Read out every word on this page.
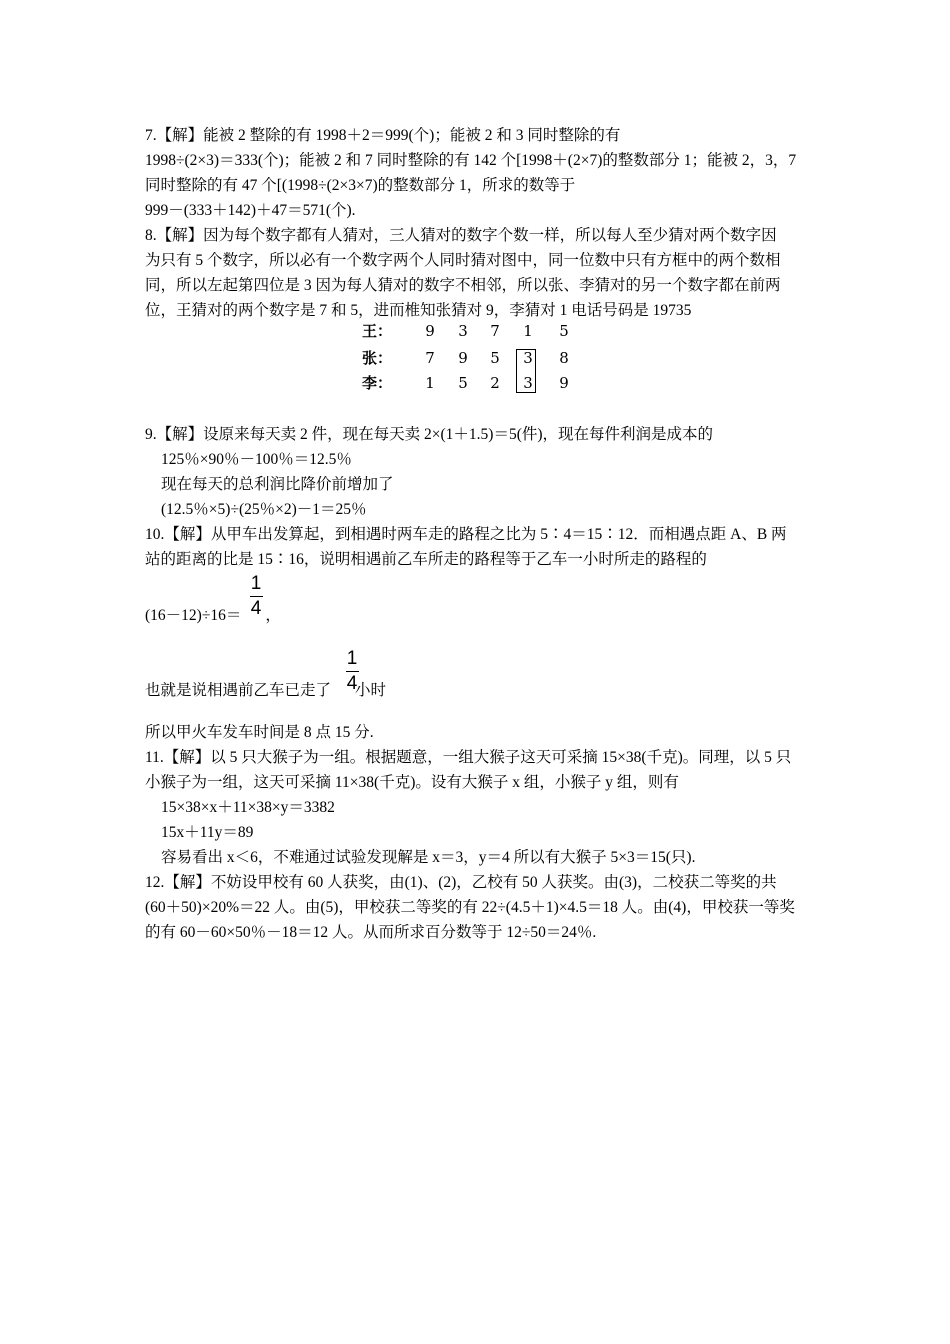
7.【解】能被 2 整除的有 1998＋2＝999(个)；能被 2 和 3 同时整除的有
1998÷(2×3)＝333(个)；能被 2 和 7 同时整除的有 142 个[1998＋(2×7)的整数部分 1；能被 2，3，7
同时整除的有 47 个[(1998÷(2×3×7)的整数部分 1，所求的数等于
999－(333＋142)＋47＝571(个).
8.【解】因为每个数字都有人猜对，三人猜对的数字个数一样，所以每人至少猜对两个数字因
为只有 5 个数字，所以必有一个数字两个人同时猜对图中，同一位数中只有方框中的两个数相
同，所以左起第四位是 3 因为每人猜对的数字不相邻，所以张、李猜对的另一个数字都在前两
位，王猜对的两个数字是 7 和 5，进而椎知张猜对 9，李猜对 1 电话号码是 19735
王：	9 3 7 1 5
张：	7 9 5 3 8
李：	1 5 2 3 9
9.【解】设原来每天卖 2 件，现在每天卖 2×(1＋1.5)＝5(件)，现在每件利润是成本的
125％×90％－100％＝12.5％
现在每天的总利润比降价前增加了
(12.5％×5)÷(25％×2)－1＝25％
10.【解】从甲车出发算起，到相遇时两车走的路程之比为 5∶4＝15∶12．而相遇点距 A、B 两
站的距离的比是 15∶16，说明相遇前乙车所走的路程等于乙车一小时所走的路程的
(16－12)÷16＝ ，
1
4
也就是说相遇前乙车已走了 小时
1
4
所以甲火车发车时间是 8 点 15 分.
11.【解】以 5 只大猴子为一组。根据题意，一组大猴子这天可采摘 15×38(千克)。同理，以 5 只
小猴子为一组，这天可采摘 11×38(千克)。设有大猴子 x 组，小猴子 y 组，则有
15×38×x＋11×38×y＝3382
15x＋11y＝89
容易看出 x＜6，不难通过试验发现解是 x＝3，y＝4 所以有大猴子 5×3＝15(只).
12.【解】不妨设甲校有 60 人获奖，由(1)、(2)，乙校有 50 人获奖。由(3)，二校获二等奖的共
(60＋50)×20%＝22 人。由(5)，甲校获二等奖的有 22÷(4.5＋1)×4.5＝18 人。由(4)，甲校获一等奖
的有 60－60×50％－18＝12 人。从而所求百分数等于 12÷50＝24％.
